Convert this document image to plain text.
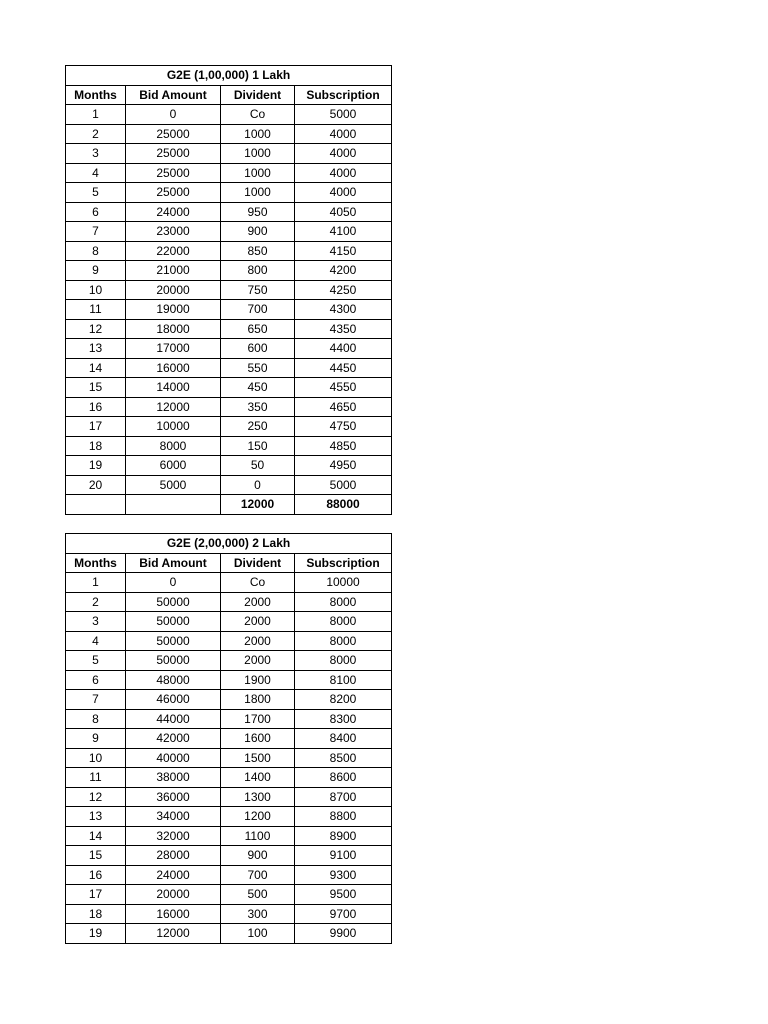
G2E (1,00,000) 1 Lakh			
Months	Bid Amount	Divident	Subscription
1	0	Co	5000
2	25000	1000	4000
3	25000	1000	4000
4	25000	1000	4000
5	25000	1000	4000
6	24000	950	4050
7	23000	900	4100
8	22000	850	4150
9	21000	800	4200
10	20000	750	4250
11	19000	700	4300
12	18000	650	4350
13	17000	600	4400
14	16000	550	4450
15	14000	450	4550
16	12000	350	4650
17	10000	250	4750
18	8000	150	4850
19	6000	50	4950
20	5000	0	5000
		12000	88000
G2E (2,00,000) 2 Lakh			
Months	Bid Amount	Divident	Subscription
1	0	Co	10000
2	50000	2000	8000
3	50000	2000	8000
4	50000	2000	8000
5	50000	2000	8000
6	48000	1900	8100
7	46000	1800	8200
8	44000	1700	8300
9	42000	1600	8400
10	40000	1500	8500
11	38000	1400	8600
12	36000	1300	8700
13	34000	1200	8800
14	32000	1100	8900
15	28000	900	9100
16	24000	700	9300
17	20000	500	9500
18	16000	300	9700
19	12000	100	9900
